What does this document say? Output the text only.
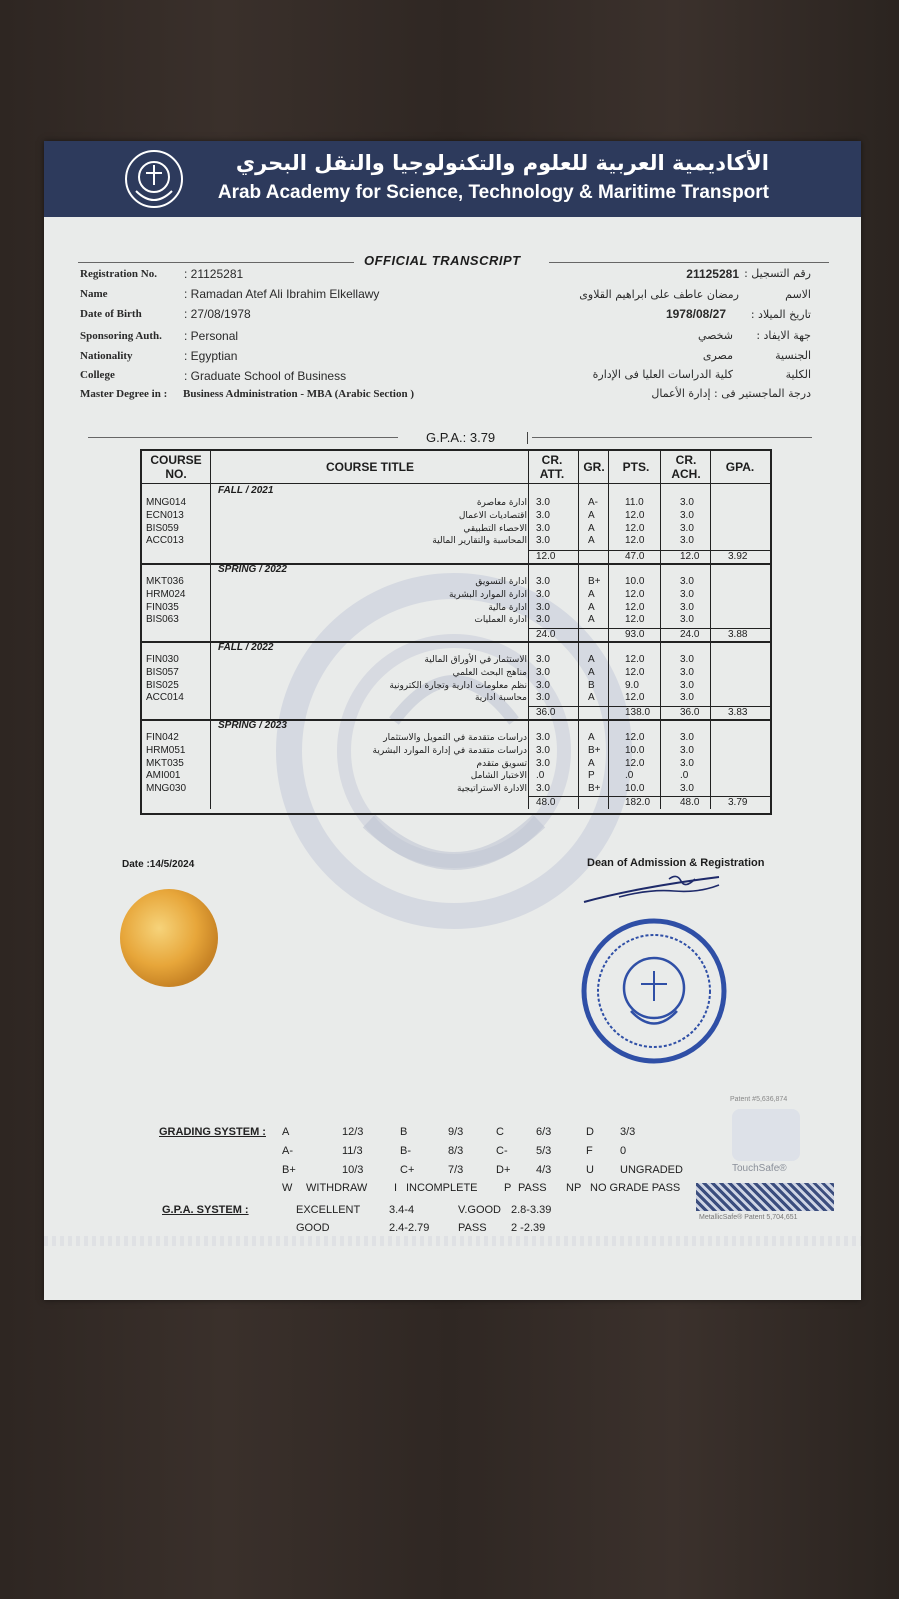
الأكاديمية العربية للعلوم والتكنولوجيا والنقل البحري
Arab Academy for Science, Technology & Maritime Transport
OFFICIAL TRANSCRIPT
Registration No. : 21125281
Name	: Ramadan Atef Ali Ibrahim Elkellawy
Date of Birth	: 27/08/1978
Sponsoring Auth. : Personal
Nationality	: Egyptian
College	: Graduate School of Business
Master Degree in : Business Administration - MBA (Arabic Section )
رقم التسجيل :
21125281
الاسم
رمضان عاطف على ابراهيم القلاوى
تاريخ الميلاد :
1978/08/27
جهة الايفاد :
شخصي
الجنسية
مصرى
الكلية
كلية الدراسات العليا فى الإدارة
درجة الماجستير فى : إدارة الأعمال
G.P.A.: 3.79
COURSE NO.	COURSE TITLE	CR. ATT.	GR.	PTS.	CR. ACH.	GPA.
FALL / 2021
MNG014	ادارة معاصرة 3.0	A-	11.0	3.0
ECN013	اقتصاديات الاعمال 3.0	A	12.0	3.0
BIS059	الاحصاء التطبيقي 3.0	A	12.0	3.0
ACC013	المحاسبة والتقارير المالية 3.0	A	12.0	3.0
12.0	47.0	12.0	3.92
SPRING / 2022
MKT036	ادارة التسويق 3.0	B+ 10.0	3.0
HRM024	ادارة الموارد البشرية 3.0	A	12.0	3.0
FIN035	ادارة مالية 3.0	A	12.0	3.0
BIS063	ادارة العمليات 3.0	A	12.0	3.0
24.0	93.0	24.0	3.88
FALL / 2022
FIN030	الاستثمار في الأوراق المالية 3.0	A	12.0	3.0
BIS057	مناهج البحث العلمي 3.0	A	12.0	3.0
BIS025	نظم معلومات ادارية وتجارة الكترونية 3.0	B	9.0	3.0
ACC014	محاسبة ادارية 3.0	A	12.0	3.0
36.0	138.0	36.0	3.83
SPRING / 2023
FIN042	دراسات متقدمة في التمويل والاستثمار 3.0	A	12.0	3.0
HRM051	دراسات متقدمة في إدارة الموارد البشرية 3.0	B+ 10.0	3.0
MKT035	تسويق متقدم 3.0	A	12.0	3.0
AMI001	الاختبار الشامل .0	P	.0	.0
MNG030	الادارة الاستراتيجية 3.0	B+ 10.0	3.0
48.0	182.0	48.0	3.79
Date :14/5/2024	Dean of Admission & Registration
Patent #5,636,874
TouchSafe®
MetallicSafe® Patent 5,704,651
GRADING SYSTEM :
G.P.A. SYSTEM :
A	12/3	B	9/3	C	6/3	D 3/3
A-	11/3	B-	8/3	C-	5/3	F 0
B+	10/3	C+	7/3	D+ 4/3	U UNGRADED
W WITHDRAW I INCOMPLETE P PASS NP NO GRADE PASS
EXCELLENT	3.4-4	V.GOOD 2.8-3.39
GOOD	2.4-2.79	PASS 2 -2.39
